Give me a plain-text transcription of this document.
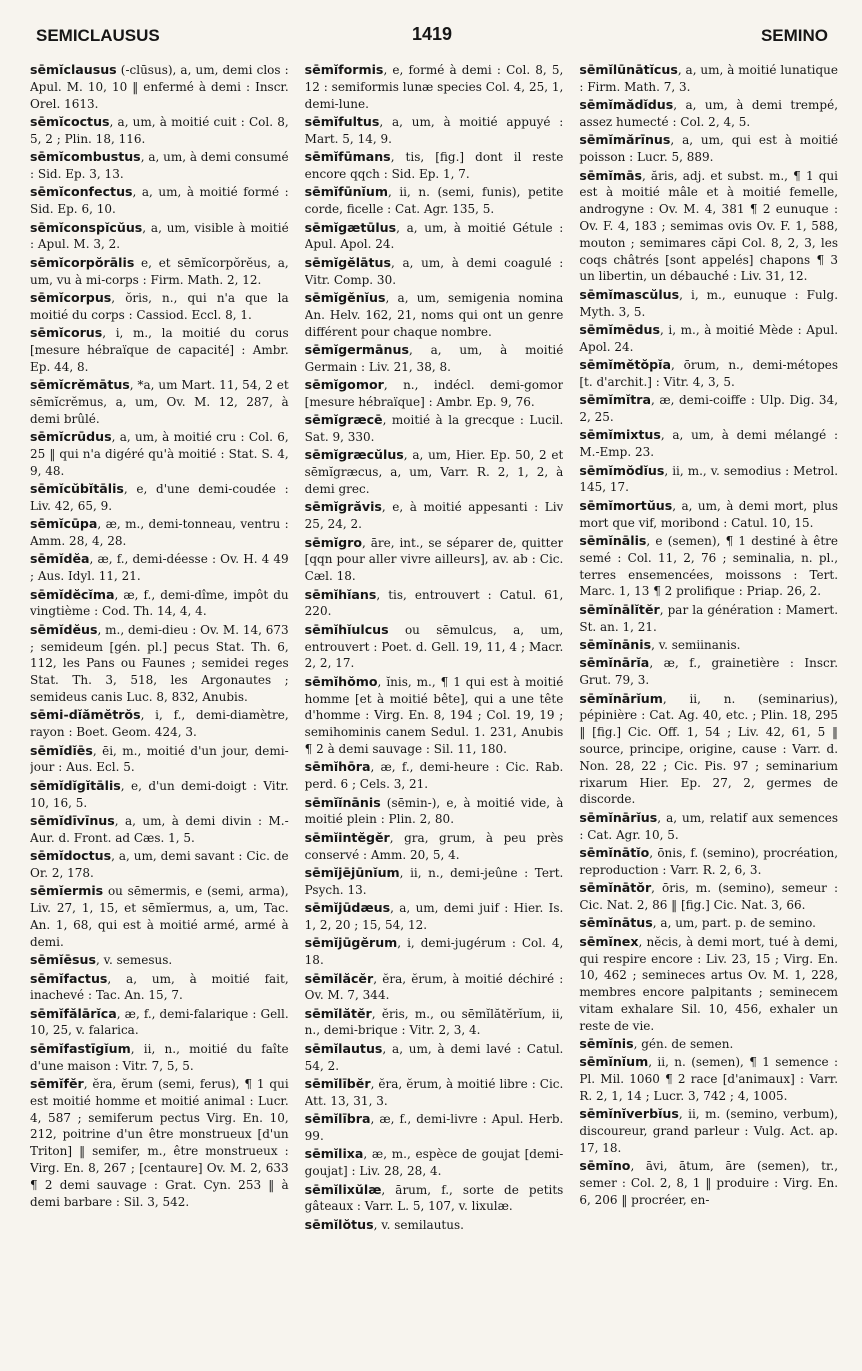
SEMICLAUSUS	1419	SEMINO

sēmĭclausus (-clūsus), a, um, demi clos : Apul. M. 10, 10 ‖ enfermé à demi : Inscr. Orel. 1613.

sēmĭcoctus, a, um, à moitié cuit : Col. 8, 5, 2 ; Plin. 18, 116.

sēmĭcombustus, a, um, à demi consumé : Sid. Ep. 3, 13.

sēmĭconfectus, a, um, à moitié formé : Sid. Ep. 6, 10.

sēmĭconspĭcŭus, a, um, visible à moitié : Apul. M. 3, 2.

sēmĭcorpŏrālis e, et sēmĭcorpŏrĕus, a, um, vu à mi-corps : Firm. Math. 2, 12.

sēmĭcorpus, ŏris, n., qui n'a que la moitié du corps : Cassiod. Eccl. 8, 1.

sēmĭcorus, i, m., la moitié du corus [mesure hébraïque de capacité] : Ambr. Ep. 44, 8.

sēmĭcrĕmātus, *a, um Mart. 11, 54, 2 et sēmĭcrĕmus, a, um, Ov. M. 12, 287, à demi brûlé.

sēmĭcrūdus, a, um, à moitié cru : Col. 6, 25 ‖ qui n'a digéré qu'à moitié : Stat. S. 4, 9, 48.

sēmĭcŭbĭtālis, e, d'une demi-coudée : Liv. 42, 65, 9.

sēmĭcūpa, æ, m., demi-tonneau, ventru : Amm. 28, 4, 28.

sēmĭdĕa, æ, f., demi-déesse : Ov. H. 4 49 ; Aus. Idyl. 11, 21.

sēmĭdĕcĭma, æ, f., demi-dîme, impôt du vingtième : Cod. Th. 14, 4, 4.

sēmĭdĕus, m., demi-dieu : Ov. M. 14, 673 ; semideum [gén. pl.] pecus Stat. Th. 6, 112, les Pans ou Faunes ; semidei reges Stat. Th. 3, 518, les Argonautes ; semideus canis Luc. 8, 832, Anubis.

sēmi-dĭămĕtrŏs, i, f., demi-diamètre, rayon : Boet. Geom. 424, 3.

sēmĭdĭēs, ēi, m., moitié d'un jour, demi-jour : Aus. Ecl. 5.

sēmĭdĭgĭtālis, e, d'un demi-doigt : Vitr. 10, 16, 5.

sēmĭdīvīnus, a, um, à demi divin : M.-Aur. d. Front. ad Cæs. 1, 5.

sēmĭdoctus, a, um, demi savant : Cic. de Or. 2, 178.

sēmĭermis ou sēmermis, e (semi, arma), Liv. 27, 1, 15, et sēmĭermus, a, um, Tac. An. 1, 68, qui est à moitié armé, armé à demi.

sēmĭēsus, v. semesus.

sēmĭfactus, a, um, à moitié fait, inachevé : Tac. An. 15, 7.

sēmĭfălārĭca, æ, f., demi-falarique : Gell. 10, 25, v. falarica.

sēmĭfastīgĭum, ii, n., moitié du faîte d'une maison : Vitr. 7, 5, 5.

sēmĭfĕr, ĕra, ĕrum (semi, ferus), ¶ 1 qui est moitié homme et moitié animal : Lucr. 4, 587 ; semiferum pectus Virg. En. 10, 212, poitrine d'un être monstrueux [d'un Triton] ‖ semifer, m., être monstrueux : Virg. En. 8, 267 ; [centaure] Ov. M. 2, 633 ¶ 2 demi sauvage : Grat. Cyn. 253 ‖ à demi barbare : Sil. 3, 542.

sēmĭformis, e, formé à demi : Col. 8, 5, 12 : semiformis lunæ species Col. 4, 25, 1, demi-lune.

sēmĭfultus, a, um, à moitié appuyé : Mart. 5, 14, 9.

sēmĭfūmans, tis, [fig.] dont il reste encore qqch : Sid. Ep. 1, 7.

sēmĭfūnĭum, ii, n. (semi, funis), petite corde, ficelle : Cat. Agr. 135, 5.

sēmĭgætūlus, a, um, à moitié Gétule : Apul. Apol. 24.

sēmĭgĕlātus, a, um, à demi coagulé : Vitr. Comp. 30.

sēmĭgĕnĭus, a, um, semigenia nomina An. Helv. 162, 21, noms qui ont un genre différent pour chaque nombre.

sēmĭgermānus, a, um, à moitié Germain : Liv. 21, 38, 8.

sēmĭgomor, n., indécl. demi-gomor [mesure hébraïque] : Ambr. Ep. 9, 76.

sēmĭgræcē, moitié à la grecque : Lucil. Sat. 9, 330.

sēmĭgræcŭlus, a, um, Hier. Ep. 50, 2 et sēmĭgræcus, a, um, Varr. R. 2, 1, 2, à demi grec.

sēmĭgrăvis, e, à moitié appesanti : Liv 25, 24, 2.

sēmĭgro, āre, int., se séparer de, quitter [qqn pour aller vivre ailleurs], av. ab : Cic. Cæl. 18.

sēmĭhĭans, tis, entrouvert : Catul. 61, 220.

sēmĭhĭulcus ou sēmulcus, a, um, entrouvert : Poet. d. Gell. 19, 11, 4 ; Macr. 2, 2, 17.

sēmĭhŏmo, ĭnis, m., ¶ 1 qui est à moitié homme [et à moitié bête], qui a une tête d'homme : Virg. En. 8, 194 ; Col. 19, 19 ; semihominis canem Sedul. 1. 231, Anubis ¶ 2 à demi sauvage : Sil. 11, 180.

sēmĭhōra, æ, f., demi-heure : Cic. Rab. perd. 6 ; Cels. 3, 21.

sēmĭĭnānis (sēmin-), e, à moitié vide, à moitié plein : Plin. 2, 80.

sēmĭintĕgĕr, gra, grum, à peu près conservé : Amm. 20, 5, 4.

sēmĭjējūnĭum, ii, n., demi-jeûne : Tert. Psych. 13.

sēmĭjūdæus, a, um, demi juif : Hier. Is. 1, 2, 20 ; 15, 54, 12.

sēmĭjūgĕrum, i, demi-jugérum : Col. 4, 18.

sēmĭlăcĕr, ĕra, ĕrum, à moitié déchiré : Ov. M. 7, 344.

sēmĭlătĕr, ĕris, m., ou sēmĭlătĕrĭum, ii, n., demi-brique : Vitr. 2, 3, 4.

sēmĭlautus, a, um, à demi lavé : Catul. 54, 2.

sēmĭlībĕr, ĕra, ĕrum, à moitié libre : Cic. Att. 13, 31, 3.

sēmĭlībra, æ, f., demi-livre : Apul. Herb. 99.

sēmĭlixa, æ, m., espèce de goujat [demi-goujat] : Liv. 28, 28, 4.

sēmĭlixŭlæ, ārum, f., sorte de petits gâteaux : Varr. L. 5, 107, v. lixulæ.

sēmĭlŏtus, v. semilautus.

sēmĭlūnātĭcus, a, um, à moitié lunatique : Firm. Math. 7, 3.

sēmĭmădĭdus, a, um, à demi trempé, assez humecté : Col. 2, 4, 5.

sēmĭmărīnus, a, um, qui est à moitié poisson : Lucr. 5, 889.

sēmĭmās, ăris, adj. et subst. m., ¶ 1 qui est à moitié mâle et à moitié femelle, androgyne : Ov. M. 4, 381 ¶ 2 eunuque : Ov. F. 4, 183 ; semimas ovis Ov. F. 1, 588, mouton ; semimares căpi Col. 8, 2, 3, les coqs châtrés [sont appelés] chapons ¶ 3 un libertin, un débauché : Liv. 31, 12.

sēmĭmascŭlus, i, m., eunuque : Fulg. Myth. 3, 5.

sēmĭmēdus, i, m., à moitié Mède : Apul. Apol. 24.

sēmĭmĕtŏpĭa, ōrum, n., demi-métopes [t. d'archit.] : Vitr. 4, 3, 5.

sēmĭmĭtra, æ, demi-coiffe : Ulp. Dig. 34, 2, 25.

sēmĭmixtus, a, um, à demi mélangé : M.-Emp. 23.

sēmĭmŏdĭus, ii, m., v. semodius : Metrol. 145, 17.

sēmĭmortŭus, a, um, à demi mort, plus mort que vif, moribond : Catul. 10, 15.

sēmĭnālis, e (semen), ¶ 1 destiné à être semé : Col. 11, 2, 76 ; seminalia, n. pl., terres ensemencées, moissons : Tert. Marc. 1, 13 ¶ 2 prolifique : Priap. 26, 2.

sēmĭnālĭtĕr, par la génération : Mamert. St. an. 1, 21.

sēmĭnānis, v. semiinanis.

sēmĭnārĭa, æ, f., grainetière : Inscr. Grut. 79, 3.

sēmĭnārĭum, ii, n. (seminarius), pépinière : Cat. Ag. 40, etc. ; Plin. 18, 295 ‖ [fig.] Cic. Off. 1, 54 ; Liv. 42, 61, 5 ‖ source, principe, origine, cause : Varr. d. Non. 28, 22 ; Cic. Pis. 97 ; seminarium rixarum Hier. Ep. 27, 2, germes de discorde.

sēmĭnārĭus, a, um, relatif aux semences : Cat. Agr. 10, 5.

sēmĭnātĭo, ōnis, f. (semino), procréation, reproduction : Varr. R. 2, 6, 3.

sēmĭnātŏr, ōris, m. (semino), semeur : Cic. Nat. 2, 86 ‖ [fig.] Cic. Nat. 3, 66.

sēmĭnātus, a, um, part. p. de semino.

sēmĭnex, nĕcis, à demi mort, tué à demi, qui respire encore : Liv. 23, 15 ; Virg. En. 10, 462 ; semineces artus Ov. M. 1, 228, membres encore palpitants ; seminecem vitam exhalare Sil. 10, 456, exhaler un reste de vie.

sēmĭnis, gén. de semen.

sēmĭnĭum, ii, n. (semen), ¶ 1 semence : Pl. Mil. 1060 ¶ 2 race [d'animaux] : Varr. R. 2, 1, 14 ; Lucr. 3, 742 ; 4, 1005.

sēmĭnĭverbĭus, ii, m. (semino, verbum), discoureur, grand parleur : Vulg. Act. ap. 17, 18.

sēmĭno, āvi, ātum, āre (semen), tr., semer : Col. 2, 8, 1 ‖ produire : Virg. En. 6, 206 ‖ procréer, en-
